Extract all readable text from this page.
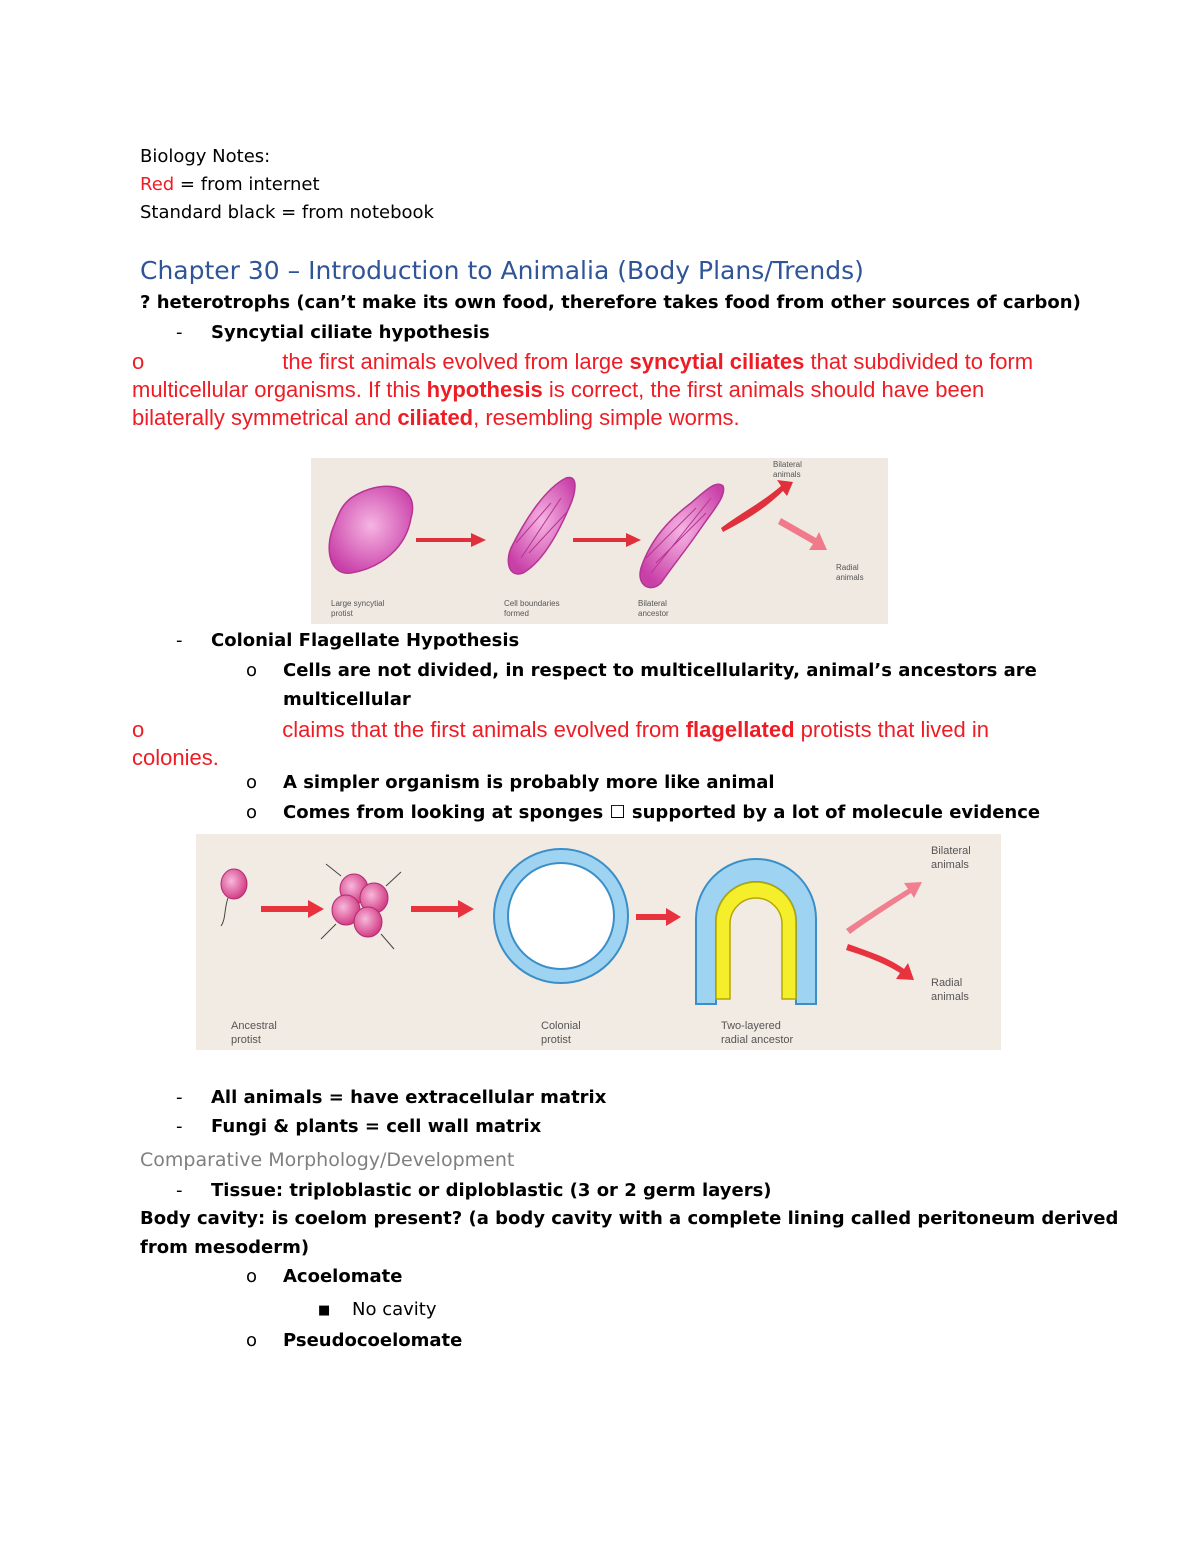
Biology Notes:
Red = from internet
Standard black = from notebook
Chapter 30 – Introduction to Animalia (Body Plans/Trends)
? heterotrophs (can’t make its own food, therefore takes food from other sources of carbon)
- Syncytial ciliate hypothesis
o	the first animals evolved from large syncytial ciliates that subdivided to form multicellular organisms. If this hypothesis is correct, the first animals should have been bilaterally symmetrical and ciliated, resembling simple worms.
Large syncytial
protist
Cell boundaries
formed
Bilateral
ancestor
Bilateral
animals
Radial
animals
- Colonial Flagellate Hypothesis
o Cells are not divided, in respect to multicellularity, animal’s ancestors are
multicellular
o	claims that the first animals evolved from flagellated protists that lived in colonies.
o A simpler organism is probably more like animal
o Comes from looking at sponges ☐ supported by a lot of molecule evidence
Ancestral
protist
Colonial
protist
Two-layered
radial ancestor
Bilateral
animals
Radial
animals
- All animals = have extracellular matrix
- Fungi & plants = cell wall matrix
Comparative Morphology/Development
- Tissue: triploblastic or diploblastic (3 or 2 germ layers)
Body cavity: is coelom present? (a body cavity with a complete lining called peritoneum derived
from mesoderm)
o Acoelomate
■ No cavity
o Pseudocoelomate
